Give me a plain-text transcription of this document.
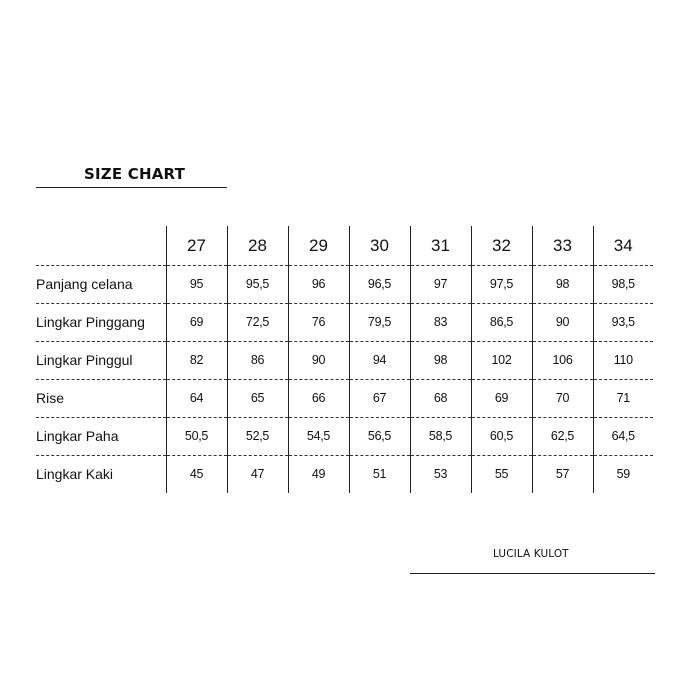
SIZE CHART
	27	28	29	30	31	32	33	34
Panjang celana	95	95,5	96	96,5	97	97,5	98	98,5
Lingkar Pinggang	69	72,5	76	79,5	83	86,5	90	93,5
Lingkar Pinggul	82	86	90	94	98	102	106	110
Rise	64	65	66	67	68	69	70	71
Lingkar Paha	50,5	52,5	54,5	56,5	58,5	60,5	62,5	64,5
Lingkar Kaki	45	47	49	51	53	55	57	59
LUCILA KULOT
